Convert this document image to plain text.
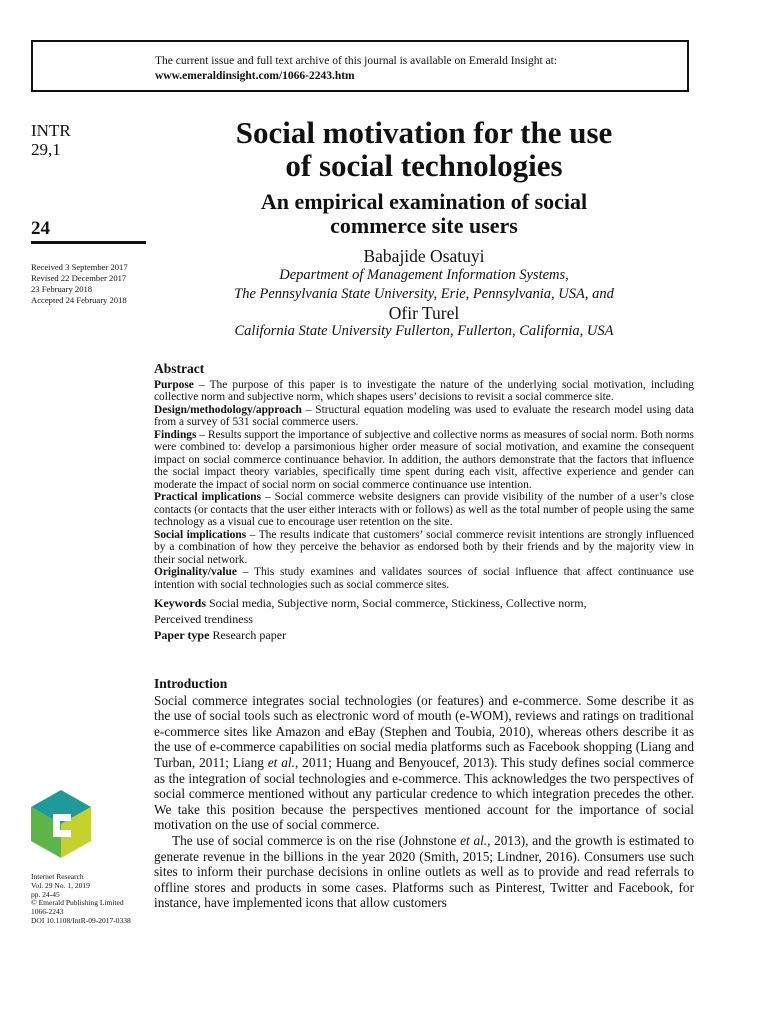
The current issue and full text archive of this journal is available on Emerald Insight at:
www.emeraldinsight.com/1066-2243.htm
INTR
29,1
24
Received 3 September 2017
Revised 22 December 2017
23 February 2018
Accepted 24 February 2018
Social motivation for the use
of social technologies
An empirical examination of social
commerce site users
Babajide Osatuyi
Department of Management Information Systems,
The Pennsylvania State University, Erie, Pennsylvania, USA, and
Ofir Turel
California State University Fullerton, Fullerton, California, USA
Abstract

Purpose – The purpose of this paper is to investigate the nature of the underlying social motivation, including collective norm and subjective norm, which shapes users’ decisions to revisit a social commerce site.

Design/methodology/approach – Structural equation modeling was used to evaluate the research model using data from a survey of 531 social commerce users.

Findings – Results support the importance of subjective and collective norms as measures of social norm. Both norms were combined to: develop a parsimonious higher order measure of social motivation, and examine the consequent impact on social commerce continuance behavior. In addition, the authors demonstrate that the factors that influence the social impact theory variables, specifically time spent during each visit, affective experience and gender can moderate the impact of social norm on social commerce continuance use intention.

Practical implications – Social commerce website designers can provide visibility of the number of a user’s close contacts (or contacts that the user either interacts with or follows) as well as the total number of people using the same technology as a visual cue to encourage user retention on the site.

Social implications – The results indicate that customers’ social commerce revisit intentions are strongly influenced by a combination of how they perceive the behavior as endorsed both by their friends and by the majority view in their social network.

Originality/value – This study examines and validates sources of social influence that affect continuance use intention with social technologies such as social commerce sites.

Keywords Social media, Subjective norm, Social commerce, Stickiness, Collective norm,
Perceived trendiness

Paper type Research paper

Introduction

Social commerce integrates social technologies (or features) and e-commerce. Some describe it as the use of social tools such as electronic word of mouth (e-WOM), reviews and ratings on traditional e-commerce sites like Amazon and eBay (Stephen and Toubia, 2010), whereas others describe it as the use of e-commerce capabilities on social media platforms such as Facebook shopping (Liang and Turban, 2011; Liang et al., 2011; Huang and Benyoucef, 2013). This study defines social commerce as the integration of social technologies and e-commerce. This acknowledges the two perspectives of social commerce mentioned without any particular credence to which integration precedes the other. We take this position because the perspectives mentioned account for the importance of social motivation on the use of social commerce.

The use of social commerce is on the rise (Johnstone et al., 2013), and the growth is estimated to generate revenue in the billions in the year 2020 (Smith, 2015; Lindner, 2016). Consumers use such sites to inform their purchase decisions in online outlets as well as to provide and read referrals to offline stores and products in some cases. Platforms such as Pinterest, Twitter and Facebook, for instance, have implemented icons that allow customers

Internet Research
Vol. 29 No. 1, 2019
pp. 24-45
© Emerald Publishing Limited
1066-2243
DOI 10.1108/IntR-09-2017-0338
